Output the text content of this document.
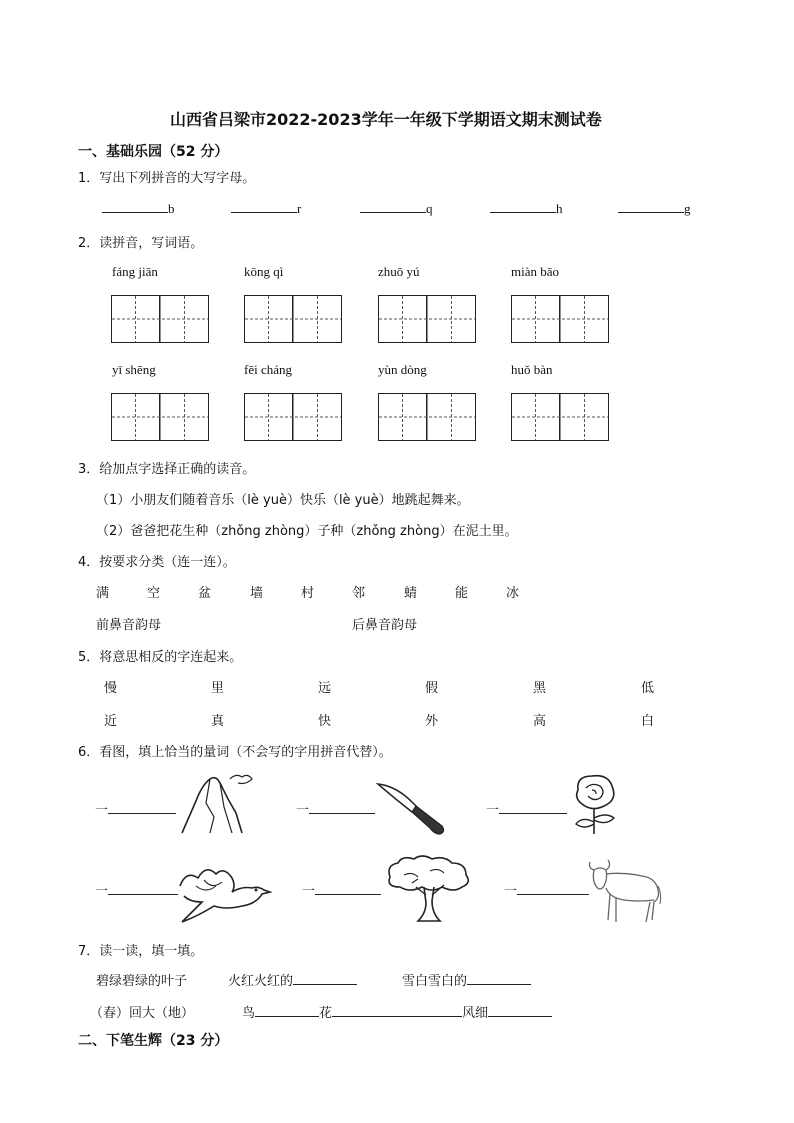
山西省吕梁市2022-2023学年一年级下学期语文期末测试卷
一、基础乐园（52 分）
1．写出下列拼音的大写字母。
b	r	q	h	g
2．读拼音，写词语。
fáng jiān	kōng qì	zhuō yú	miàn bāo
yī shēng	fēi cháng	yùn dòng	huǒ bàn
3．给加点字选择正确的读音。
（1）小朋友们随着音乐（lè yuè）快乐（lè yuè）地跳起舞来。
（2）爸爸把花生种（zhǒng zhòng）子种（zhǒng zhòng）在泥土里。
4．按要求分类（连一连）。
满	空	盆	墙	村	邻	蜻	能	冰
前鼻音韵母	后鼻音韵母
5．将意思相反的字连起来。
慢	里	远	假	黑	低
近	真	快	外	高	白
6．看图，填上恰当的量词（不会写的字用拼音代替）。
一	一	一
一	一	一
7．读一读，填一填。
碧绿碧绿的叶子	火红火红的	雪白雪白的
（春）回大（地）	鸟	花	风细
二、下笔生辉（23 分）
